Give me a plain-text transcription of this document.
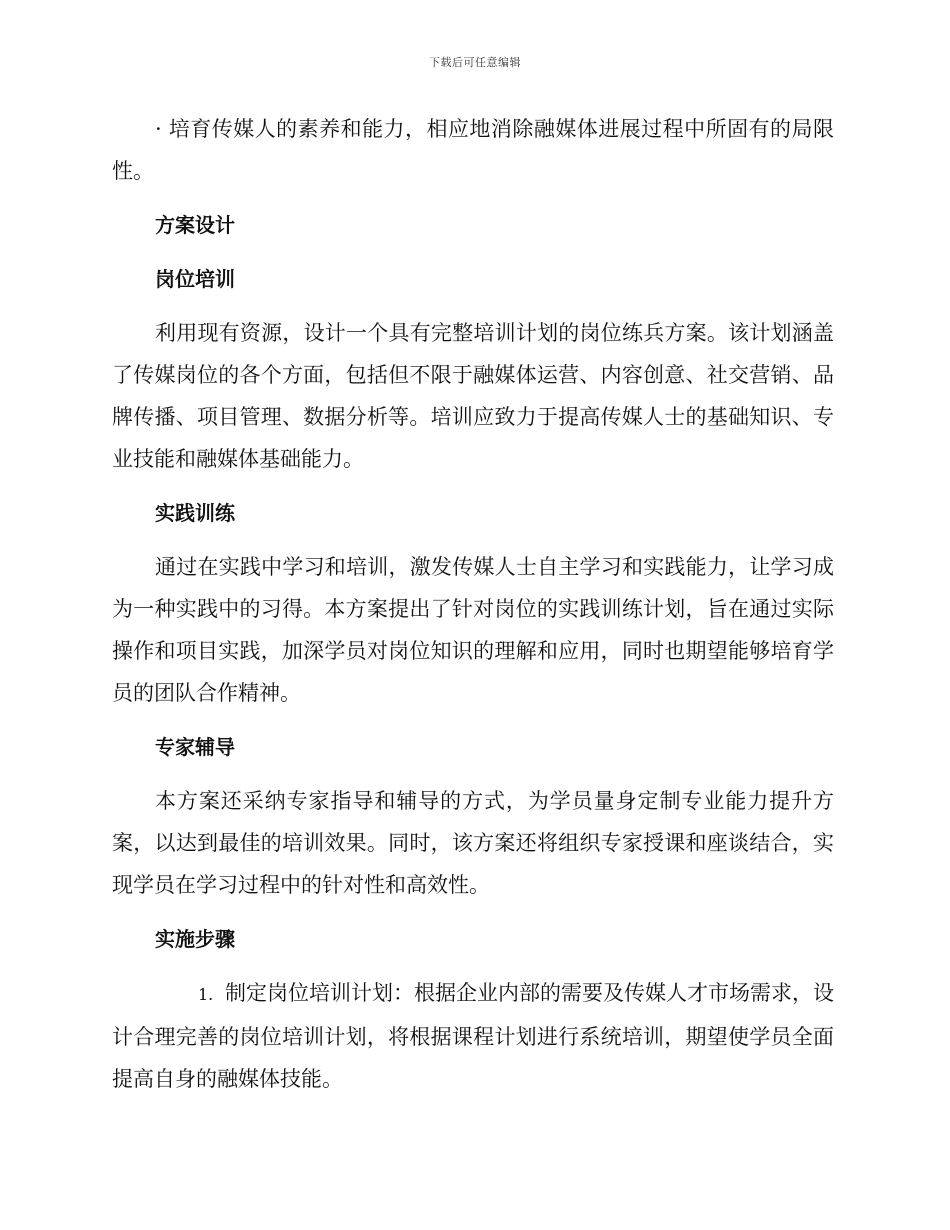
下载后可任意编辑

· 培育传媒人的素养和能力，相应地消除融媒体进展过程中所固有的局限性。

方案设计
岗位培训

利用现有资源，设计一个具有完整培训计划的岗位练兵方案。该计划涵盖了传媒岗位的各个方面，包括但不限于融媒体运营、内容创意、社交营销、品牌传播、项目管理、数据分析等。培训应致力于提高传媒人士的基础知识、专业技能和融媒体基础能力。

实践训练

通过在实践中学习和培训，激发传媒人士自主学习和实践能力，让学习成为一种实践中的习得。本方案提出了针对岗位的实践训练计划，旨在通过实际操作和项目实践，加深学员对岗位知识的理解和应用，同时也期望能够培育学员的团队合作精神。

专家辅导

本方案还采纳专家指导和辅导的方式，为学员量身定制专业能力提升方案，以达到最佳的培训效果。同时，该方案还将组织专家授课和座谈结合，实现学员在学习过程中的针对性和高效性。

实施步骤

1. 制定岗位培训计划：根据企业内部的需要及传媒人才市场需求，设计合理完善的岗位培训计划，将根据课程计划进行系统培训，期望使学员全面提高自身的融媒体技能。
